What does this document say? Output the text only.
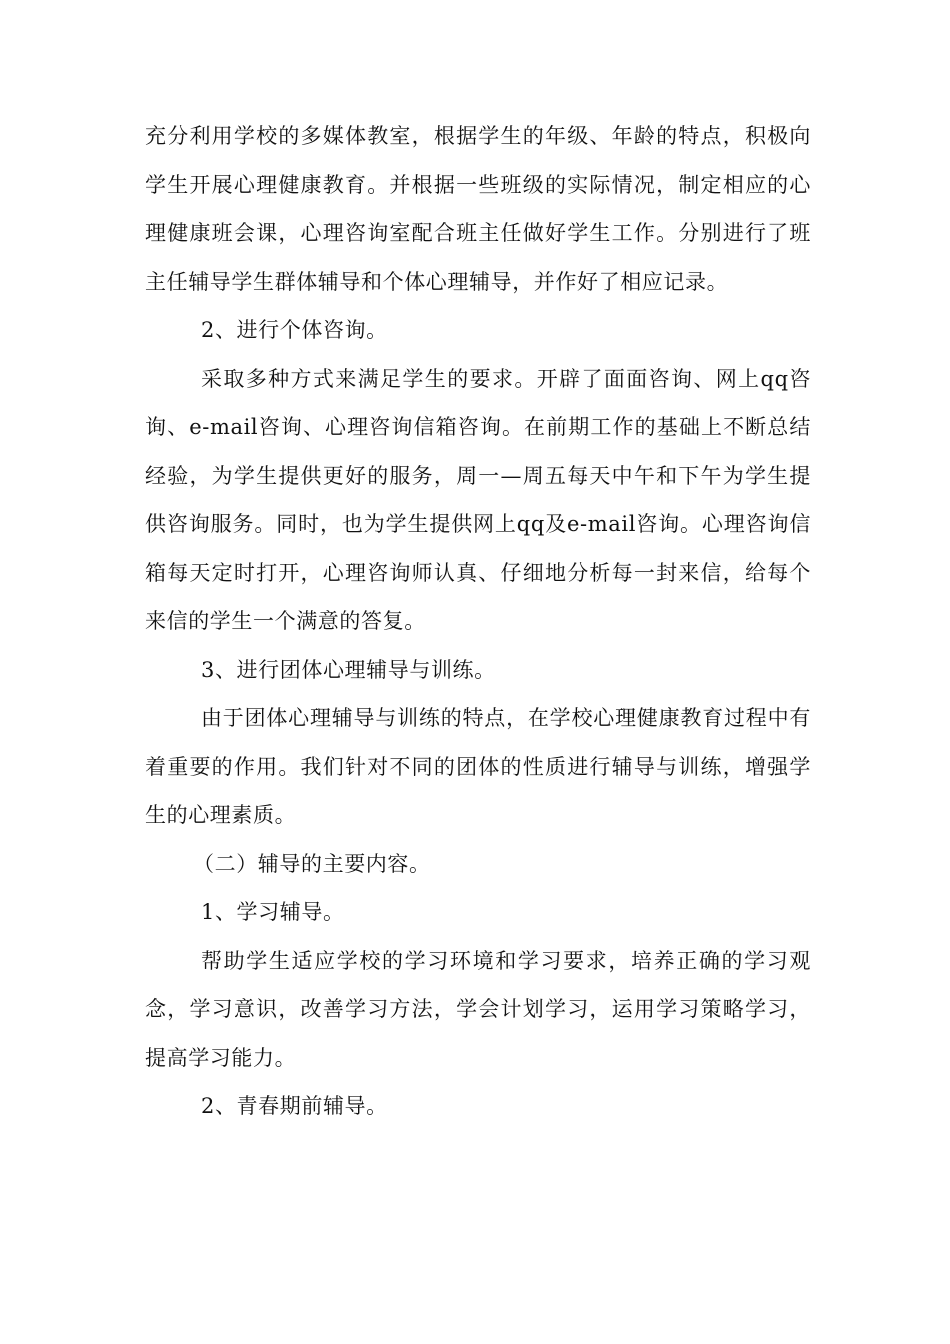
充分利用学校的多媒体教室，根据学生的年级、年龄的特点，积极向学生开展心理健康教育。并根据一些班级的实际情况，制定相应的心理健康班会课，心理咨询室配合班主任做好学生工作。分别进行了班主任辅导学生群体辅导和个体心理辅导，并作好了相应记录。

2、进行个体咨询。

采取多种方式来满足学生的要求。开辟了面面咨询、网上qq咨询、e-mail咨询、心理咨询信箱咨询。在前期工作的基础上不断总结经验，为学生提供更好的服务，周一—周五每天中午和下午为学生提供咨询服务。同时，也为学生提供网上qq及e-mail咨询。心理咨询信箱每天定时打开，心理咨询师认真、仔细地分析每一封来信，给每个来信的学生一个满意的答复。

3、进行团体心理辅导与训练。

由于团体心理辅导与训练的特点，在学校心理健康教育过程中有着重要的作用。我们针对不同的团体的性质进行辅导与训练，增强学生的心理素质。

（二）辅导的主要内容。

1、学习辅导。

帮助学生适应学校的学习环境和学习要求，培养正确的学习观念，学习意识，改善学习方法，学会计划学习，运用学习策略学习，提高学习能力。

2、青春期前辅导。
